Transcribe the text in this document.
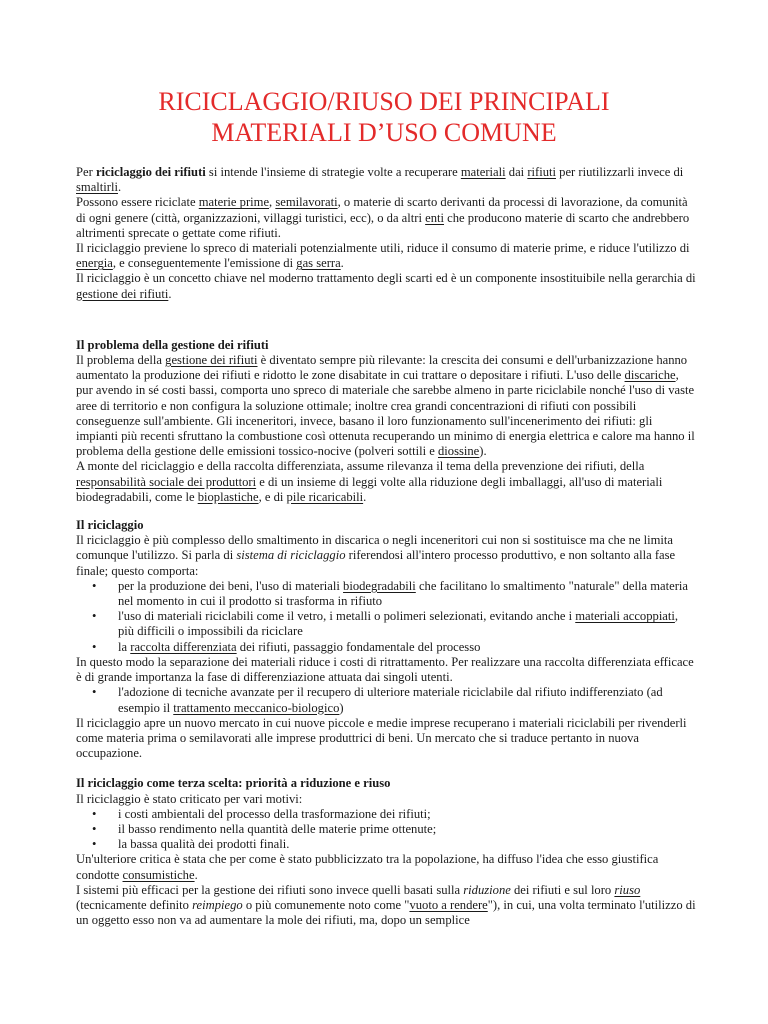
RICICLAGGIO/RIUSO DEI PRINCIPALI
MATERIALI D’USO COMUNE

Per riciclaggio dei rifiuti si intende l'insieme di strategie volte a recuperare materiali dai rifiuti per riutilizzarli invece di smaltirli.

Possono essere riciclate materie prime, semilavorati, o materie di scarto derivanti da processi di lavorazione, da comunità di ogni genere (città, organizzazioni, villaggi turistici, ecc), o da altri enti che producono materie di scarto che andrebbero altrimenti sprecate o gettate come rifiuti.

Il riciclaggio previene lo spreco di materiali potenzialmente utili, riduce il consumo di materie prime, e riduce l'utilizzo di energia, e conseguentemente l'emissione di gas serra.

Il riciclaggio è un concetto chiave nel moderno trattamento degli scarti ed è un componente insostituibile nella gerarchia di gestione dei rifiuti.

Il problema della gestione dei rifiuti

Il problema della gestione dei rifiuti è diventato sempre più rilevante: la crescita dei consumi e dell'urbanizzazione hanno aumentato la produzione dei rifiuti e ridotto le zone disabitate in cui trattare o depositare i rifiuti. L'uso delle discariche, pur avendo in sé costi bassi, comporta uno spreco di materiale che sarebbe almeno in parte riciclabile nonché l'uso di vaste aree di territorio e non configura la soluzione ottimale; inoltre crea grandi concentrazioni di rifiuti con possibili conseguenze sull'ambiente. Gli inceneritori, invece, basano il loro funzionamento sull'incenerimento dei rifiuti: gli impianti più recenti sfruttano la combustione così ottenuta recuperando un minimo di energia elettrica e calore ma hanno il problema della gestione delle emissioni tossico-nocive (polveri sottili e diossine).

A monte del riciclaggio e della raccolta differenziata, assume rilevanza il tema della prevenzione dei rifiuti, della responsabilità sociale dei produttori e di un insieme di leggi volte alla riduzione degli imballaggi, all'uso di materiali biodegradabili, come le bioplastiche, e di pile ricaricabili.

Il riciclaggio

Il riciclaggio è più complesso dello smaltimento in discarica o negli inceneritori cui non si sostituisce ma che ne limita comunque l'utilizzo. Si parla di sistema di riciclaggio riferendosi all'intero processo produttivo, e non soltanto alla fase finale; questo comporta:

• per la produzione dei beni, l'uso di materiali biodegradabili che facilitano lo smaltimento "naturale" della materia nel momento in cui il prodotto si trasforma in rifiuto
• l'uso di materiali riciclabili come il vetro, i metalli o polimeri selezionati, evitando anche i materiali accoppiati, più difficili o impossibili da riciclare
• la raccolta differenziata dei rifiuti, passaggio fondamentale del processo

In questo modo la separazione dei materiali riduce i costi di ritrattamento. Per realizzare una raccolta differenziata efficace è di grande importanza la fase di differenziazione attuata dai singoli utenti.

• l'adozione di tecniche avanzate per il recupero di ulteriore materiale riciclabile dal rifiuto indifferenziato (ad esempio il trattamento meccanico-biologico)

Il riciclaggio apre un nuovo mercato in cui nuove piccole e medie imprese recuperano i materiali riciclabili per rivenderli come materia prima o semilavorati alle imprese produttrici di beni. Un mercato che si traduce pertanto in nuova occupazione.

Il riciclaggio come terza scelta: priorità a riduzione e riuso

Il riciclaggio è stato criticato per vari motivi:

• i costi ambientali del processo della trasformazione dei rifiuti;
• il basso rendimento nella quantità delle materie prime ottenute;
• la bassa qualità dei prodotti finali.

Un'ulteriore critica è stata che per come è stato pubblicizzato tra la popolazione, ha diffuso l'idea che esso giustifica condotte consumistiche.

I sistemi più efficaci per la gestione dei rifiuti sono invece quelli basati sulla riduzione dei rifiuti e sul loro riuso (tecnicamente definito reimpiego o più comunemente noto come "vuoto a rendere"), in cui, una volta terminato l'utilizzo di un oggetto esso non va ad aumentare la mole dei rifiuti, ma, dopo un semplice
